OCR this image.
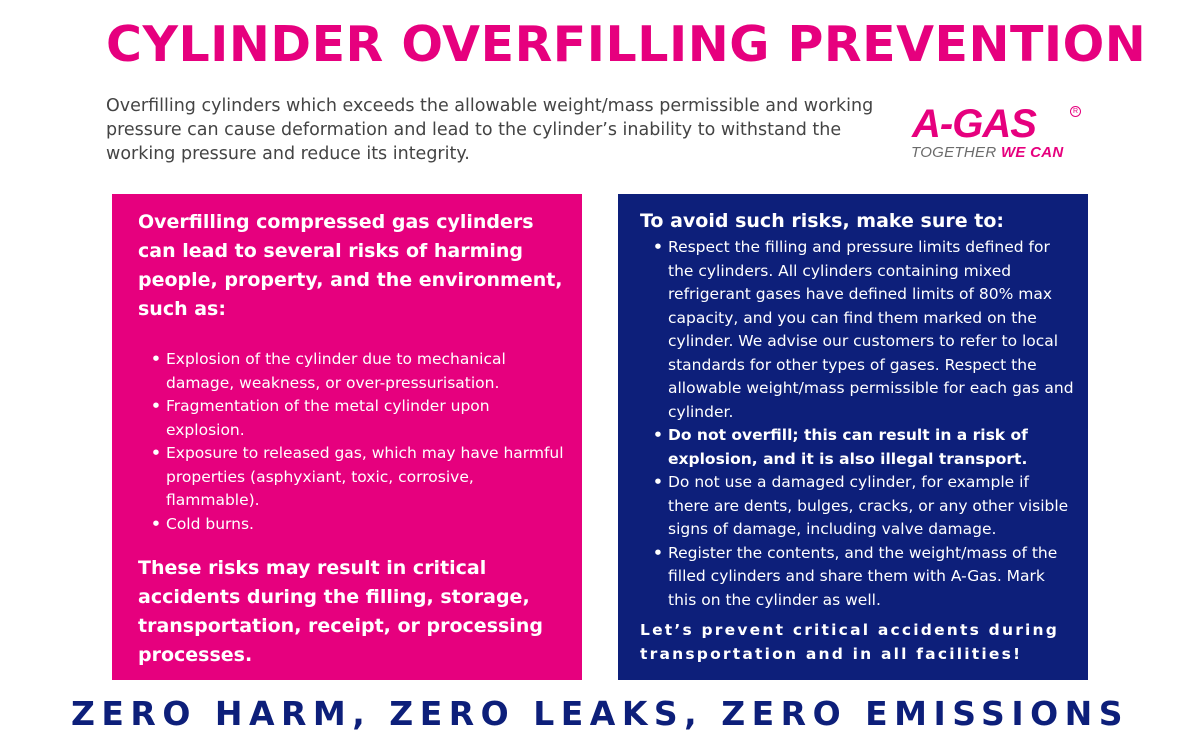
CYLINDER OVERFILLING PREVENTION

Overfilling cylinders which exceeds the allowable weight/mass permissible and working pressure can cause deformation and lead to the cylinder’s inability to withstand the working pressure and reduce its integrity.

A-GAS	R
TOGETHER WE CAN

Overfilling compressed gas cylinders can lead to several risks of harming people, property, and the environment, such as:

• Explosion of the cylinder due to mechanical damage, weakness, or over-pressurisation.
• Fragmentation of the metal cylinder upon explosion.
• Exposure to released gas, which may have harmful properties (asphyxiant, toxic, corrosive, flammable).
• Cold burns.

These risks may result in critical accidents during the filling, storage, transportation, receipt, or processing processes.

To avoid such risks, make sure to:

• Respect the filling and pressure limits defined for the cylinders. All cylinders containing mixed refrigerant gases have defined limits of 80% max capacity, and you can find them marked on the cylinder. We advise our customers to refer to local standards for other types of gases. Respect the allowable weight/mass permissible for each gas and cylinder.
• Do not overfill; this can result in a risk of explosion, and it is also illegal transport.
• Do not use a damaged cylinder, for example if there are dents, bulges, cracks, or any other visible signs of damage, including valve damage.
• Register the contents, and the weight/mass of the filled cylinders and share them with A-Gas. Mark this on the cylinder as well.

Let’s prevent critical accidents during transportation and in all facilities!

ZERO HARM, ZERO LEAKS, ZERO EMISSIONS
